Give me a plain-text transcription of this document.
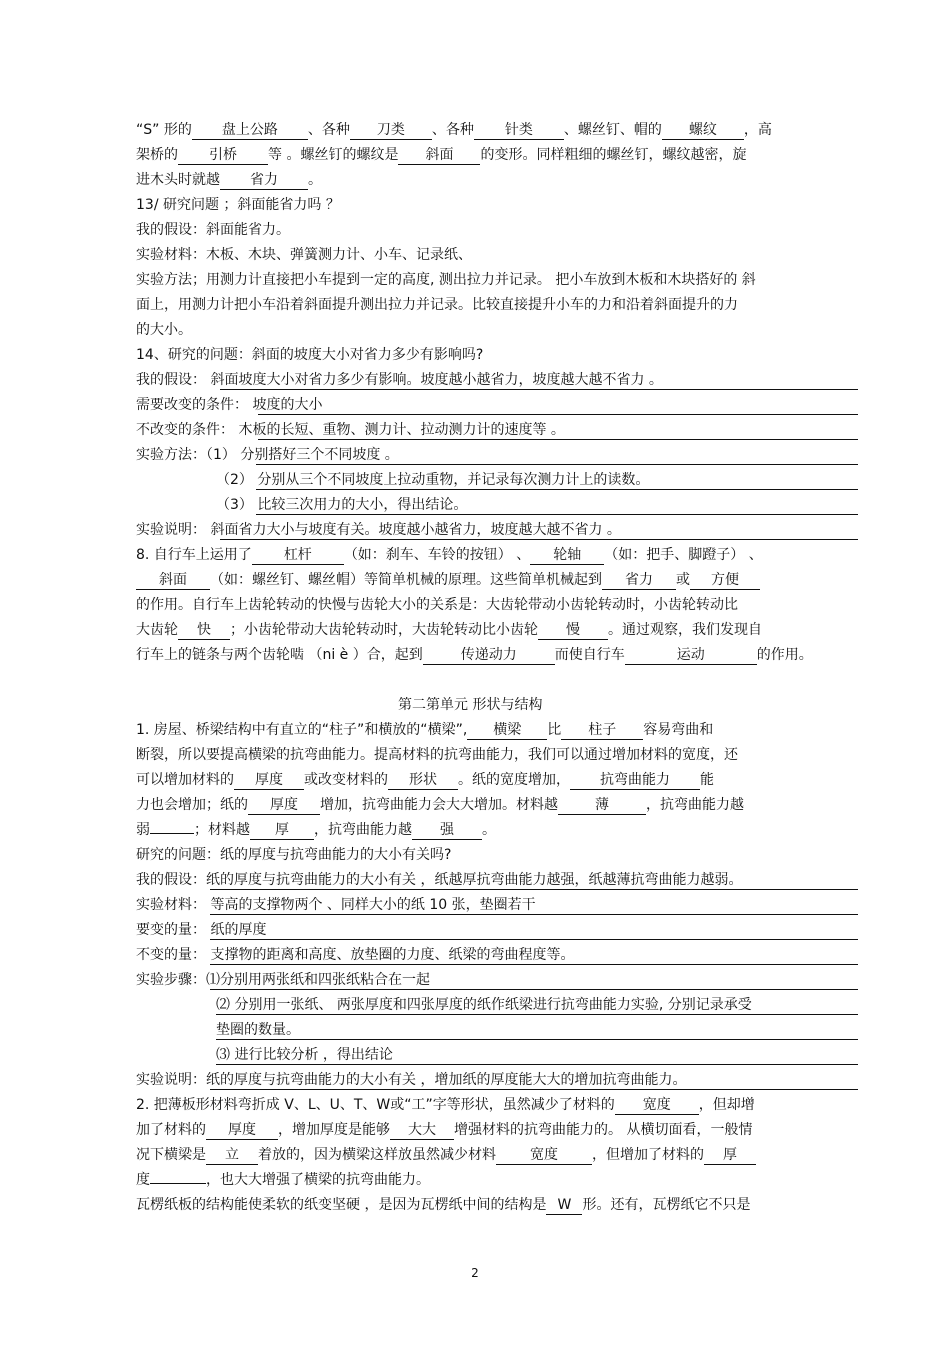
“S” 形的 盘上公路 、各种 刀类 、各种 针类 、螺丝钉、帽的 螺纹 ，高
架桥的 引桥 等 。螺丝钉的螺纹是 斜面 的变形。同样粗细的螺丝钉，螺纹越密，旋
进木头时就越 省力 。
13/ 研究问题 ；斜面能省力吗 ？
我的假设：斜面能省力。
实验材料：木板、木块、弹簧测力计、小车、记录纸、
实验方法；用测力计直接把小车提到一定的高度, 测出拉力并记录。 把小车放到木板和木块搭好的 斜
面上，用测力计把小车沿着斜面提升测出拉力并记录。比较直接提升小车的力和沿着斜面提升的力
的大小。
14、研究的问题：斜面的坡度大小对省力多少有影响吗?
我的假设： 斜面坡度大小对省力多少有影响。坡度越小越省力，坡度越大越不省力 。
需要改变的条件： 坡度的大小
不改变的条件： 木板的长短、重物、测力计、拉动测力计的速度等 。
实验方法：（1） 分别搭好三个不同坡度 。
（2） 分别从三个不同坡度上拉动重物，并记录每次测力计上的读数。
（3） 比较三次用力的大小，得出结论。
实验说明： 斜面省力大小与坡度有关。坡度越小越省力，坡度越大越不省力 。
8. 自行车上运用了 杠杆 （如：刹车、车铃的按钮） 、 轮轴 （如：把手、脚蹬子） 、
斜面 （如：螺丝钉、螺丝帽）等简单机械的原理。这些简单机械起到 省力 或 方便
的作用。自行车上齿轮转动的快慢与齿轮大小的关系是：大齿轮带动小齿轮转动时，小齿轮转动比
大齿轮 快 ；小齿轮带动大齿轮转动时，大齿轮转动比小齿轮 慢 。通过观察，我们发现自
行车上的链条与两个齿轮啮 （ni è ）合，起到	传递动力	而使自行车	运动	的作用。
第二第单元 形状与结构
1. 房屋、桥梁结构中有直立的“柱子”和横放的“横梁”, 横梁 比 柱子 容易弯曲和
断裂，所以要提高横梁的抗弯曲能力。提高材料的抗弯曲能力，我们可以通过增加材料的宽度，还
可以增加材料的 厚度 或改变材料的 形状 。纸的宽度增加， 抗弯曲能力 能
力也会增加；纸的 厚度 增加，抗弯曲能力会大大增加。材料越	薄	，抗弯曲能力越
弱	；材料越 厚 ，抗弯曲能力越 强 。
研究的问题：纸的厚度与抗弯曲能力的大小有关吗?
我的假设：纸的厚度与抗弯曲能力的大小有关 ，纸越厚抗弯曲能力越强，纸越薄抗弯曲能力越弱。
实验材料： 等高的支撑物两个 、同样大小的纸 10 张，垫圈若干
要变的量： 纸的厚度
不变的量： 支撑物的距离和高度、放垫圈的力度、纸梁的弯曲程度等。
实验步骤：⑴分别用两张纸和四张纸粘合在一起
⑵ 分别用一张纸、 两张厚度和四张厚度的纸作纸梁进行抗弯曲能力实验, 分别记录承受
垫圈的数量。
⑶ 进行比较分析 ，得出结论
实验说明：纸的厚度与抗弯曲能力的大小有关 ，增加纸的厚度能大大的增加抗弯曲能力。
2. 把薄板形材料弯折成 V、L、U、T、W或“工”字等形状，虽然减少了材料的 宽度 ，但却增
加了材料的 厚度 ，增加厚度是能够 大大 增强材料的抗弯曲能力的。 从横切面看，一般情
况下横梁是 立 着放的，因为横梁这样放虽然减少材料 宽度 ，但增加了材料的 厚
度	，也大大增强了横梁的抗弯曲能力。
瓦楞纸板的结构能使柔软的纸变坚硬 ，是因为瓦楞纸中间的结构是 W 形。还有，瓦楞纸它不只是
2
